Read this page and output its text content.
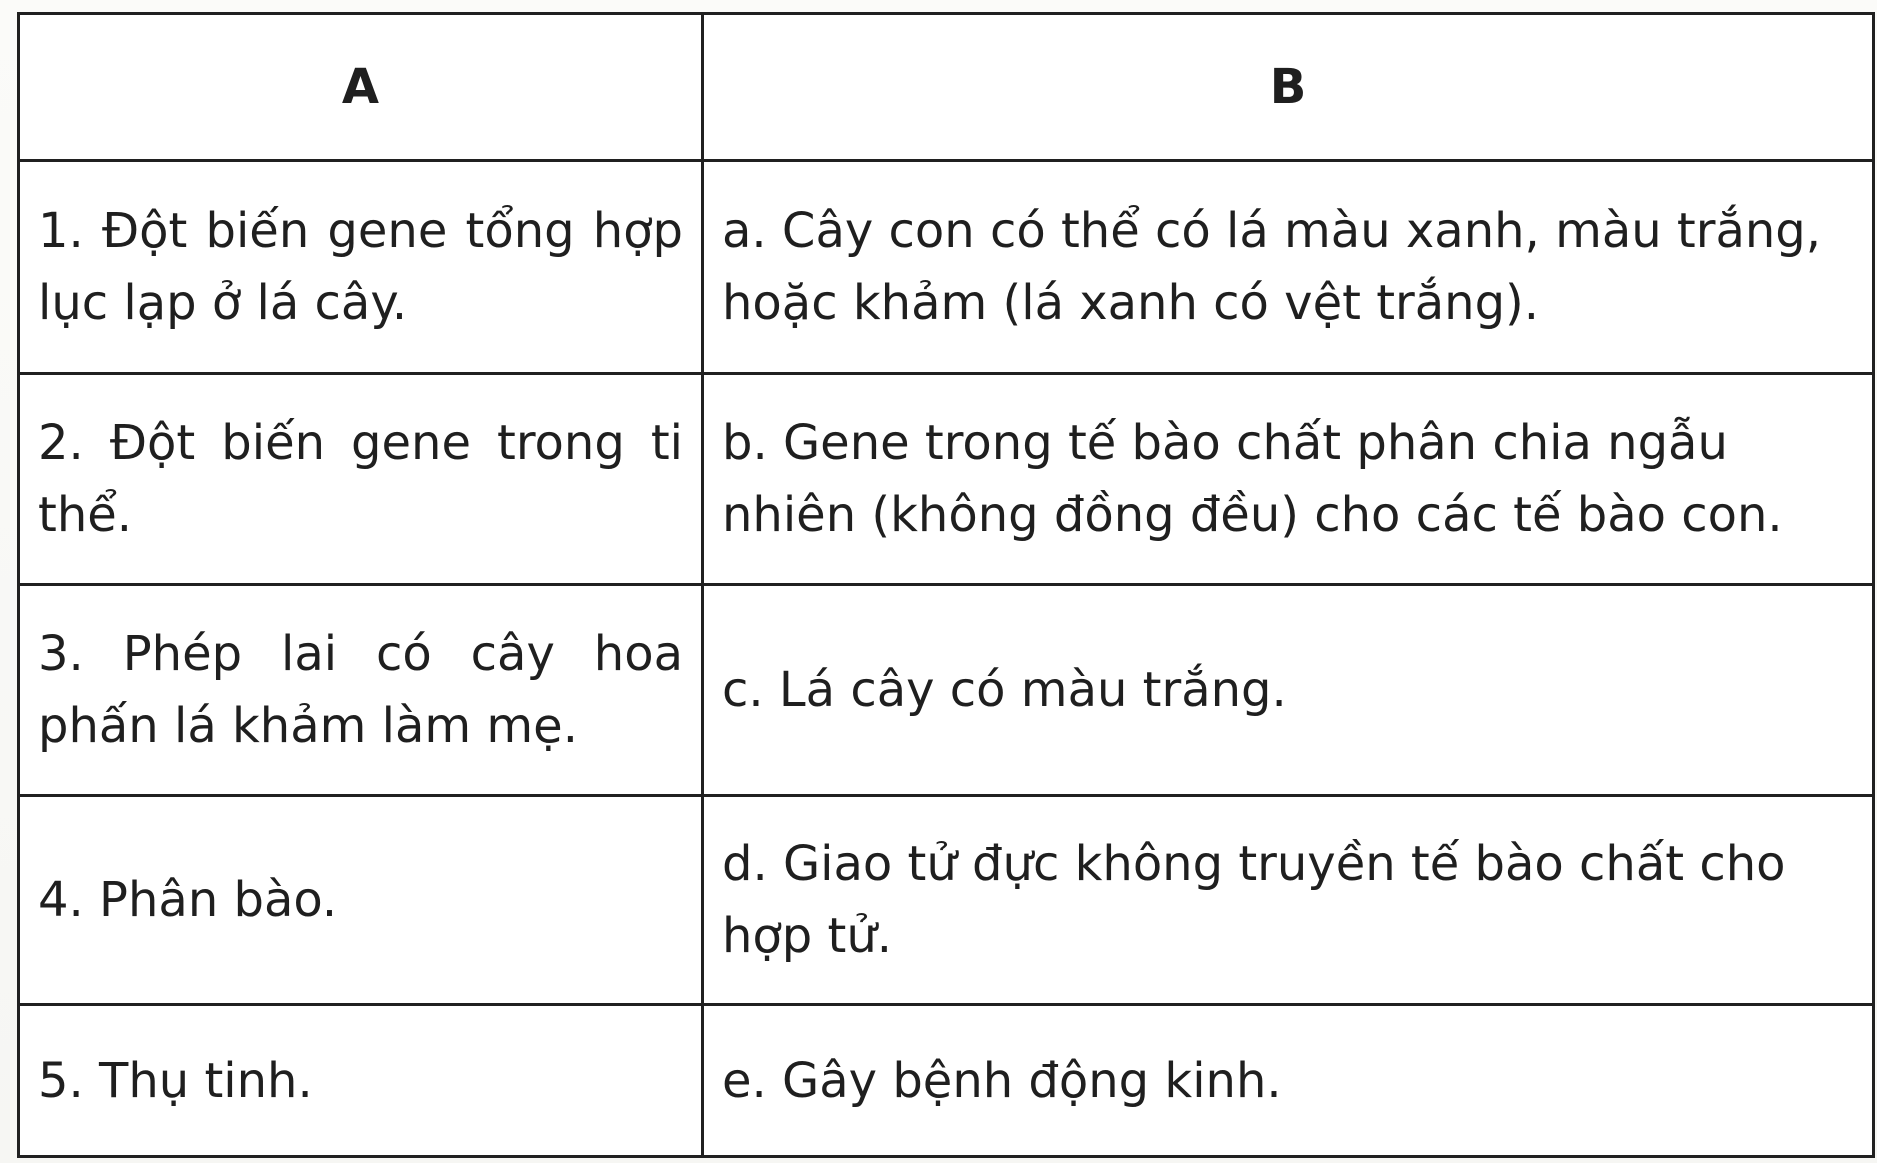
A	B
1. Đột biến gene tổng hợp lục lạp ở lá cây.	a. Cây con có thể có lá màu xanh, màu trắng, hoặc khảm (lá xanh có vệt trắng).
2. Đột biến gene trong ti thể.	b. Gene trong tế bào chất phân chia ngẫu nhiên (không đồng đều) cho các tế bào con.
3. Phép lai có cây hoa phấn lá khảm làm mẹ.	c. Lá cây có màu trắng.
4. Phân bào.	d. Giao tử đực không truyền tế bào chất cho hợp tử.
5. Thụ tinh.	e. Gây bệnh động kinh.
